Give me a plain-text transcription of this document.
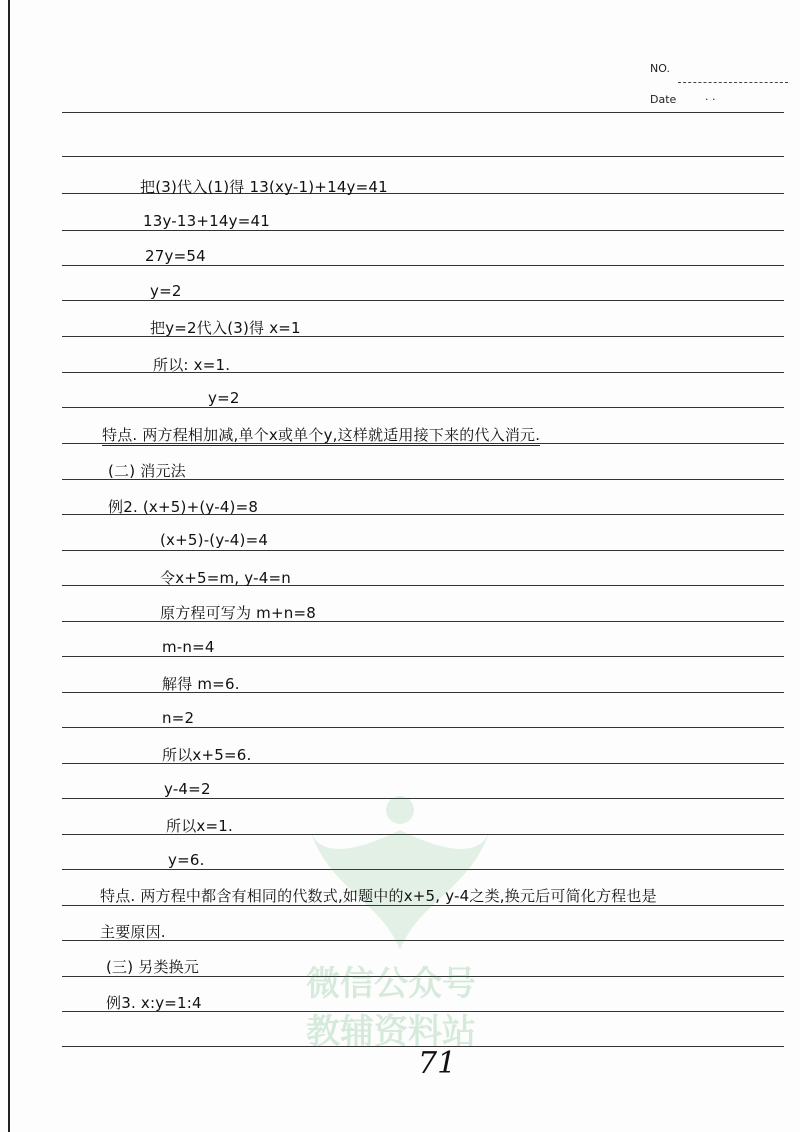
NO.
Date	· ·
微信公众号
教辅资料站
把(3)代入(1)得 13(xy-1)+14y=41
13y-13+14y=41
27y=54
y=2
把y=2代入(3)得 x=1
所以: x=1.
y=2
特点. 两方程相加减,单个x或单个y,这样就适用接下来的代入消元.
(二) 消元法
例2. (x+5)+(y-4)=8
(x+5)-(y-4)=4
令x+5=m, y-4=n
原方程可写为 m+n=8
m-n=4
解得 m=6.
n=2
所以x+5=6.
y-4=2
所以x=1.
y=6.
特点. 两方程中都含有相同的代数式,如题中的x+5, y-4之类,换元后可简化方程也是
主要原因.
(三) 另类换元
例3. x:y=1:4
71
